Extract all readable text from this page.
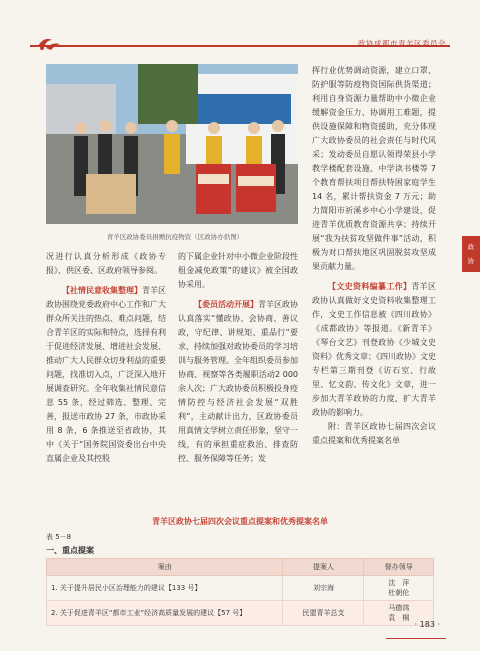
政协成都市青羊区委员会
青羊区政协委员捐赠抗疫物资（区政协办供图）

况进行认真分析形成《政协专报》、供区委、区政府领导参阅。

【社情民意收集整理】青羊区政协围绕党委政府中心工作和广大群众所关注的热点、难点问题，结合青羊区的实际和特点，选择有利于促进经济发展、增进社会发展、推动广大人民群众切身利益的重要问题，找准切入点，广泛深入地开展调查研究。全年收集社情民意信息 55 条，经过筛选、整理、完善，报送市政协 27 条，市政协采用 8 条，6 条推送至省政协，其中《关于“国务院国资委出台中央直属企业及其控股

的下属企业针对中小微企业阶段性租金减免政策”的建议》被全国政协采用。

【委员活动开展】青羊区政协认真落实“懂政协、会协商、善议政，守纪律、讲规矩、重品行”要求，持续加强对政协委员的学习培训与服务管理。全年组织委员参加协商、视察等各类履职活动2 000余人次；广大政协委员积极投身疫情防控与经济社会发展“双胜利”，主动献计出力，区政协委员用真情文学树立责任形象，坚守一线，有的承担重症救治、排查防控、服务保障等任务；发

挥行业优势调动资源，建立口罩、防护服等防疫物资国际供货渠道；利用自身资源力量帮助中小微企业缓解资金压力、协调用工难题，提供设施保障和物资援助，充分体现广大政协委员的社会责任与时代风采；发动委员自愿认领得荣县小学教学楼配套设施、中学读书楼等 7 个教育帮扶项目帮扶特困家庭学生 14 名，累计帮扶资金 7 万元；助力简阳市祈溪乡中心小学建设，促进青羊优质教育资源共享；持续开展“我为扶贫攻坚做件事”活动，积极为对口帮扶地区巩固脱贫攻坚成果贡献力量。

【文史资料编纂工作】青羊区政协认真做好文史资料收集整理工作，文史工作信息被《四川政协》《成都政协》等报道。《新青羊》《琴台文艺》刊登政协《少城文史资料》优秀文章；《四川政协》文史专栏第三期刊登《访石室、行故里、忆文韵、传文化》文章，进一步加大青羊政协的力度，扩大青羊政协的影响力。

附：青羊区政协七届四次会议重点提案和优秀提案名单

政
协
青羊区政协七届四次会议重点提案和优秀提案名单
表 5－8
一、重点提案
案由	提案人	督办领导
1. 关于提升居民小区治理能力的建议【133 号】	刘宗海	沈　萍
杜朝伦

2. 关于促进青羊区“都市工业”经济高质量发展的建议【57 号】	民盟青羊总支	马德鸿
袁　桐
· 183 ·
